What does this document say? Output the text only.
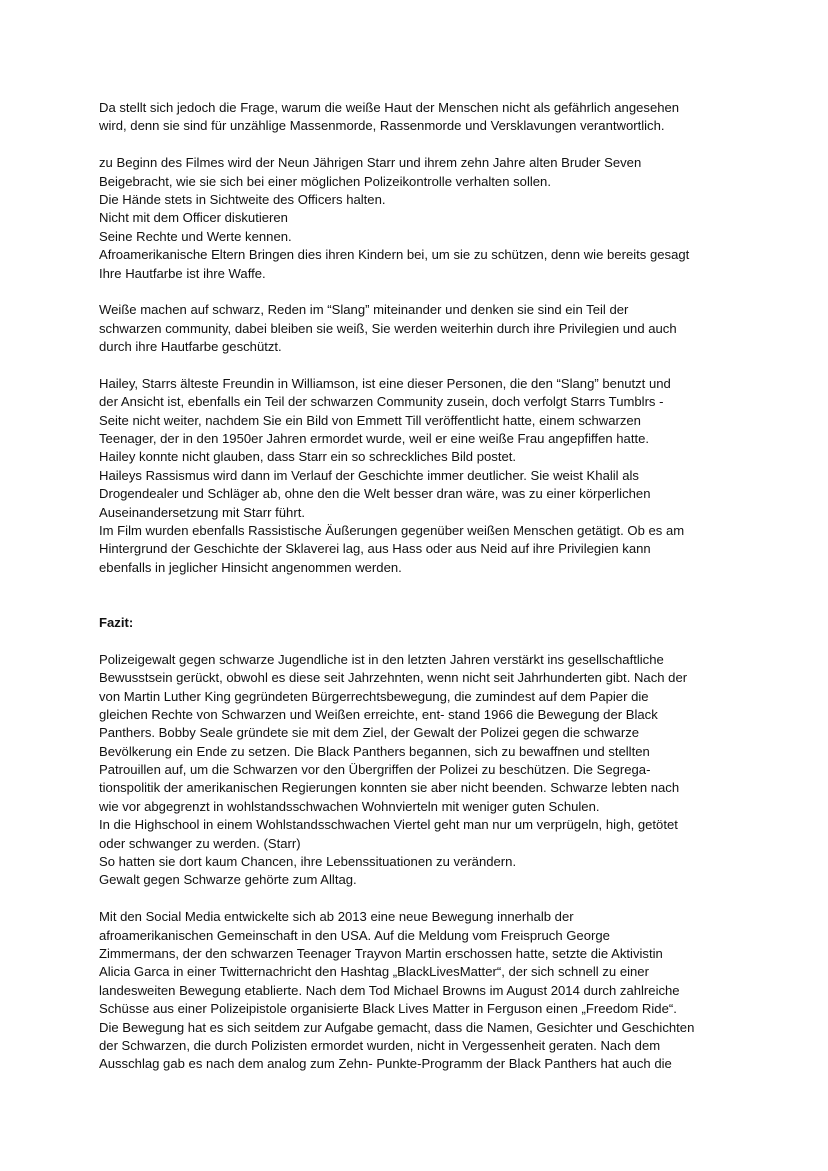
Da stellt sich jedoch die Frage, warum die weiße Haut der Menschen nicht als gefährlich angesehen
wird, denn sie sind für unzählige Massenmorde, Rassenmorde und Versklavungen verantwortlich.
zu Beginn des Filmes wird der Neun Jährigen Starr und ihrem zehn Jahre alten Bruder Seven
Beigebracht, wie sie sich bei einer möglichen Polizeikontrolle verhalten sollen.
Die Hände stets in Sichtweite des Officers halten.
Nicht mit dem Officer diskutieren
Seine Rechte und Werte kennen.
Afroamerikanische Eltern Bringen dies ihren Kindern bei, um sie zu schützen, denn wie bereits gesagt
Ihre Hautfarbe ist ihre Waffe.
Weiße machen auf schwarz, Reden im “Slang” miteinander und denken sie sind ein Teil der
schwarzen community, dabei bleiben sie weiß, Sie werden weiterhin durch ihre Privilegien und auch
durch ihre Hautfarbe geschützt.
Hailey, Starrs älteste Freundin in Williamson, ist eine dieser Personen, die den “Slang” benutzt und
der Ansicht ist, ebenfalls ein Teil der schwarzen Community zusein, doch verfolgt Starrs Tumblrs -
Seite nicht weiter, nachdem Sie ein Bild von Emmett Till veröffentlicht hatte, einem schwarzen
Teenager, der in den 1950er Jahren ermordet wurde, weil er eine weiße Frau angepfiffen hatte.
Hailey konnte nicht glauben, dass Starr ein so schreckliches Bild postet.
Haileys Rassismus wird dann im Verlauf der Geschichte immer deutlicher. Sie weist Khalil als
Drogendealer und Schläger ab, ohne den die Welt besser dran wäre, was zu einer körperlichen
Auseinandersetzung mit Starr führt.
Im Film wurden ebenfalls Rassistische Äußerungen gegenüber weißen Menschen getätigt. Ob es am
Hintergrund der Geschichte der Sklaverei lag, aus Hass oder aus Neid auf ihre Privilegien kann
ebenfalls in jeglicher Hinsicht angenommen werden.
Fazit:
Polizeigewalt gegen schwarze Jugendliche ist in den letzten Jahren verstärkt ins gesellschaftliche
Bewusstsein gerückt, obwohl es diese seit Jahrzehnten, wenn nicht seit Jahrhunderten gibt. Nach der
von Martin Luther King gegründeten Bürgerrechtsbewegung, die zumindest auf dem Papier die
gleichen Rechte von Schwarzen und Weißen erreichte, ent- stand 1966 die Bewegung der Black
Panthers. Bobby Seale gründete sie mit dem Ziel, der Gewalt der Polizei gegen die schwarze
Bevölkerung ein Ende zu setzen. Die Black Panthers begannen, sich zu bewaffnen und stellten
Patrouillen auf, um die Schwarzen vor den Übergriffen der Polizei zu beschützen. Die Segrega-
tionspolitik der amerikanischen Regierungen konnten sie aber nicht beenden. Schwarze lebten nach
wie vor abgegrenzt in wohlstandsschwachen Wohnvierteln mit weniger guten Schulen.
In die Highschool in einem Wohlstandsschwachen Viertel geht man nur um verprügeln, high, getötet
oder schwanger zu werden. (Starr)
So hatten sie dort kaum Chancen, ihre Lebenssituationen zu verändern.
Gewalt gegen Schwarze gehörte zum Alltag.
Mit den Social Media entwickelte sich ab 2013 eine neue Bewegung innerhalb der
afroamerikanischen Gemeinschaft in den USA. Auf die Meldung vom Freispruch George
Zimmermans, der den schwarzen Teenager Trayvon Martin erschossen hatte, setzte die Aktivistin
Alicia Garca in einer Twitternachricht den Hashtag „BlackLivesMatter“, der sich schnell zu einer
landesweiten Bewegung etablierte. Nach dem Tod Michael Browns im August 2014 durch zahlreiche
Schüsse aus einer Polizeipistole organisierte Black Lives Matter in Ferguson einen „Freedom Ride“.
Die Bewegung hat es sich seitdem zur Aufgabe gemacht, dass die Namen, Gesichter und Geschichten
der Schwarzen, die durch Polizisten ermordet wurden, nicht in Vergessenheit geraten. Nach dem
Ausschlag gab es nach dem analog zum Zehn- Punkte-Programm der Black Panthers hat auch die
